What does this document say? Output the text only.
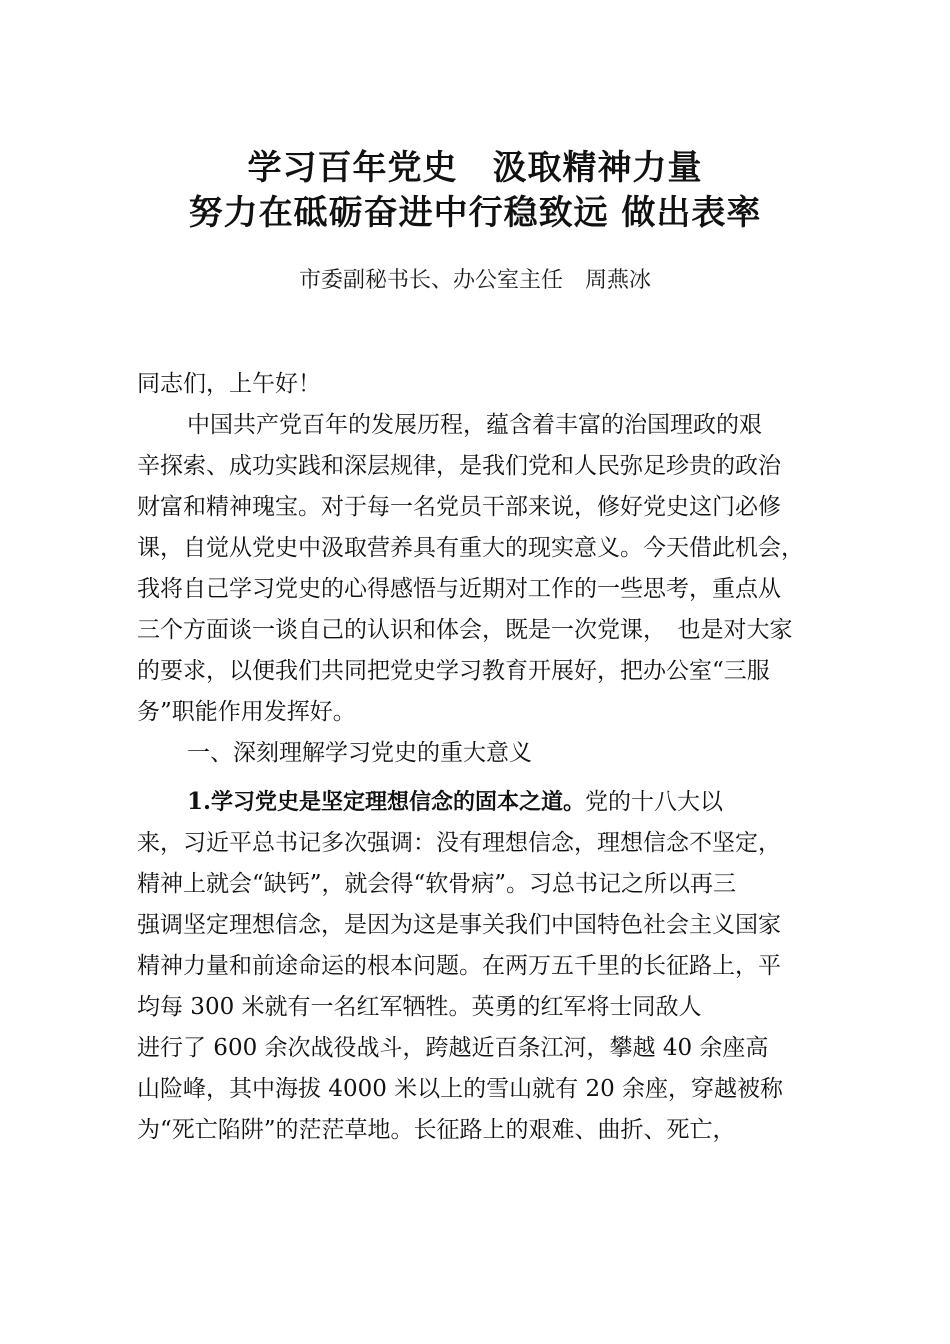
学习百年党史　汲取精神力量
努力在砥砺奋进中行稳致远 做出表率
市委副秘书长、办公室主任　周燕冰
同志们，上午好！
中国共产党百年的发展历程，蕴含着丰富的治国理政的艰
辛探索、成功实践和深层规律，是我们党和人民弥足珍贵的政治
财富和精神瑰宝。对于每一名党员干部来说，修好党史这门必修
课，自觉从党史中汲取营养具有重大的现实意义。今天借此机会，
我将自己学习党史的心得感悟与近期对工作的一些思考，重点从
三个方面谈一谈自己的认识和体会，既是一次党课，　也是对大家
的要求，以便我们共同把党史学习教育开展好，把办公室“三服
务”职能作用发挥好。
一、深刻理解学习党史的重大意义
1.学习党史是坚定理想信念的固本之道。党的十八大以
来，习近平总书记多次强调：没有理想信念，理想信念不坚定，
精神上就会“缺钙”，就会得“软骨病”。习总书记之所以再三
强调坚定理想信念，是因为这是事关我们中国特色社会主义国家
精神力量和前途命运的根本问题。在两万五千里的长征路上，平
均每 300 米就有一名红军牺牲。英勇的红军将士同敌人
进行了 600 余次战役战斗，跨越近百条江河，攀越 40 余座高
山险峰，其中海拔 4000 米以上的雪山就有 20 余座，穿越被称
为“死亡陷阱”的茫茫草地。长征路上的艰难、曲折、死亡，
